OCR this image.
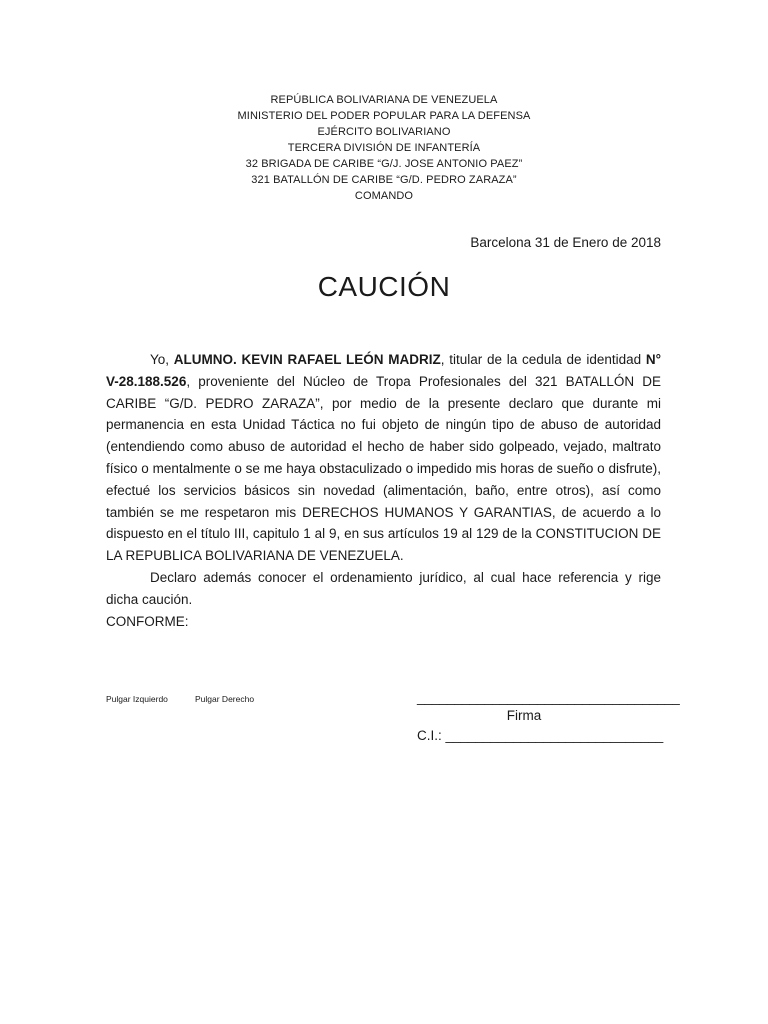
REPÚBLICA BOLIVARIANA DE VENEZUELA
MINISTERIO DEL PODER POPULAR PARA LA DEFENSA
EJÉRCITO BOLIVARIANO
TERCERA DIVISIÓN DE INFANTERÍA
32 BRIGADA DE CARIBE “G/J. JOSE ANTONIO PAEZ”
321 BATALLÓN DE CARIBE “G/D. PEDRO ZARAZA”
COMANDO
Barcelona 31 de Enero de 2018
CAUCIÓN

Yo, ALUMNO. KEVIN RAFAEL LEÓN MADRIZ, titular de la cedula de identidad N° V-28.188.526, proveniente del Núcleo de Tropa Profesionales del 321 BATALLÓN DE CARIBE “G/D. PEDRO ZARAZA”, por medio de la presente declaro que durante mi permanencia en esta Unidad Táctica no fui objeto de ningún tipo de abuso de autoridad (entendiendo como abuso de autoridad el hecho de haber sido golpeado, vejado, maltrato físico o mentalmente o se me haya obstaculizado o impedido mis horas de sueño o disfrute), efectué los servicios básicos sin novedad (alimentación, baño, entre otros), así como también se me respetaron mis DERECHOS HUMANOS Y GARANTIAS, de acuerdo a lo dispuesto en el título III, capitulo 1 al 9, en sus artículos 19 al 129 de la CONSTITUCION DE LA REPUBLICA BOLIVARIANA DE VENEZUELA.

Declaro además conocer el ordenamiento jurídico, al cual hace referencia y rige dicha caución.

CONFORME:

Pulgar Izquierdo	Pulgar Derecho	___________________________________
Firma
C.I.: _____________________________
